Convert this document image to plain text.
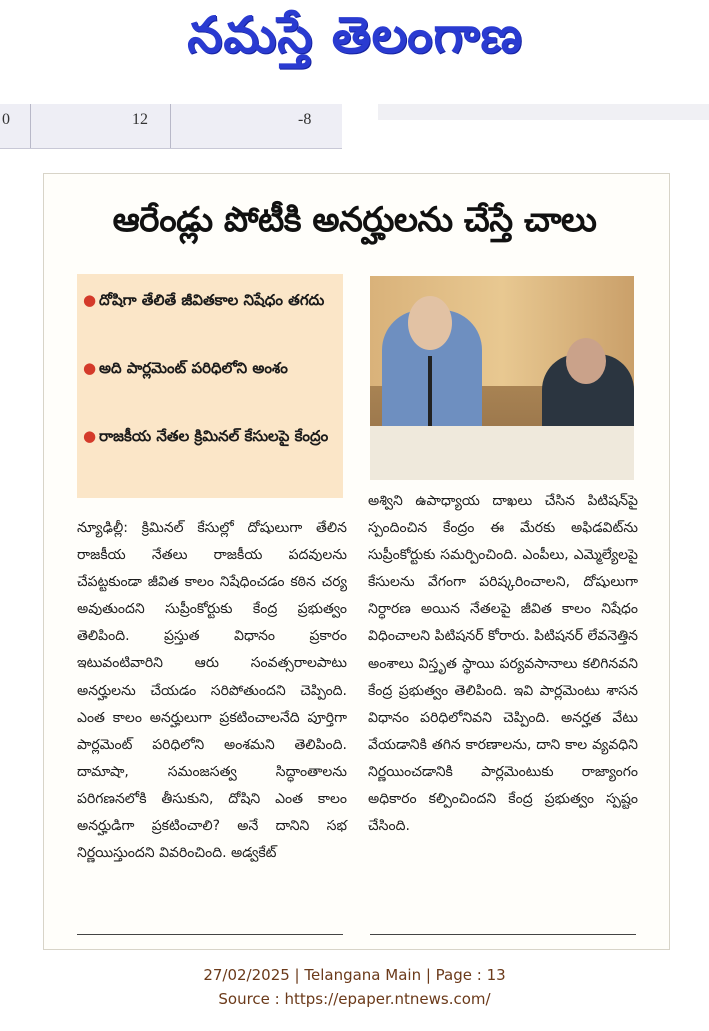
నమస్తే తెలంగాణ
0	12	-8
ఆరేండ్లు పోటీకి అనర్హులను చేస్తే చాలు
● దోషిగా తేలితే జీవితకాల నిషేధం తగదు
● అది పార్లమెంట్ పరిధిలోని అంశం
● రాజకీయ నేతల క్రిమినల్ కేసులపై కేంద్రం

న్యూఢిల్లీ: క్రిమినల్ కేసుల్లో దోషులుగా తేలిన రాజకీయ నేతలు రాజకీయ పదవులను చేపట్టకుండా జీవిత కాలం నిషేధించడం కఠిన చర్య అవుతుందని సుప్రీంకోర్టుకు కేంద్ర ప్రభుత్వం తెలిపింది. ప్రస్తుత విధానం ప్రకారం ఇటువంటివారిని ఆరు సంవత్సరాలపాటు అనర్హులను చేయడం సరిపోతుందని చెప్పింది. ఎంత కాలం అనర్హులుగా ప్రకటించాలనేది పూర్తిగా పార్లమెంట్ పరిధిలోని అంశమని తెలిపింది. దామాషా, సమంజసత్వ సిద్ధాంతాలను పరిగణనలోకి తీసుకుని, దోషిని ఎంత కాలం అనర్హుడిగా ప్రకటించాలి? అనే దానిని సభ నిర్ణయిస్తుందని వివరించింది. అడ్వకేట్

అశ్విని ఉపాధ్యాయ దాఖలు చేసిన పిటిషన్‌పై స్పందించిన కేంద్రం ఈ మేరకు అఫిడవిట్‌ను సుప్రీంకోర్టుకు సమర్పించింది. ఎంపీలు, ఎమ్మెల్యేలపై కేసులను వేగంగా పరిష్కరించాలని, దోషులుగా నిర్ధారణ అయిన నేతలపై జీవిత కాలం నిషేధం విధించాలని పిటిషనర్ కోరారు. పిటిషనర్ లేవనెత్తిన అంశాలు విస్తృత స్థాయి పర్యవసానాలు కలిగినవని కేంద్ర ప్రభుత్వం తెలిపింది. ఇవి పార్లమెంటు శాసన విధానం పరిధిలోనివని చెప్పింది. అనర్హత వేటు వేయడానికి తగిన కారణాలను, దాని కాల వ్యవధిని నిర్ణయించడానికి పార్లమెంటుకు రాజ్యాంగం అధికారం కల్పించిందని కేంద్ర ప్రభుత్వం స్పష్టం చేసింది.

27/02/2025 | Telangana Main | Page : 13
Source : https://epaper.ntnews.com/
